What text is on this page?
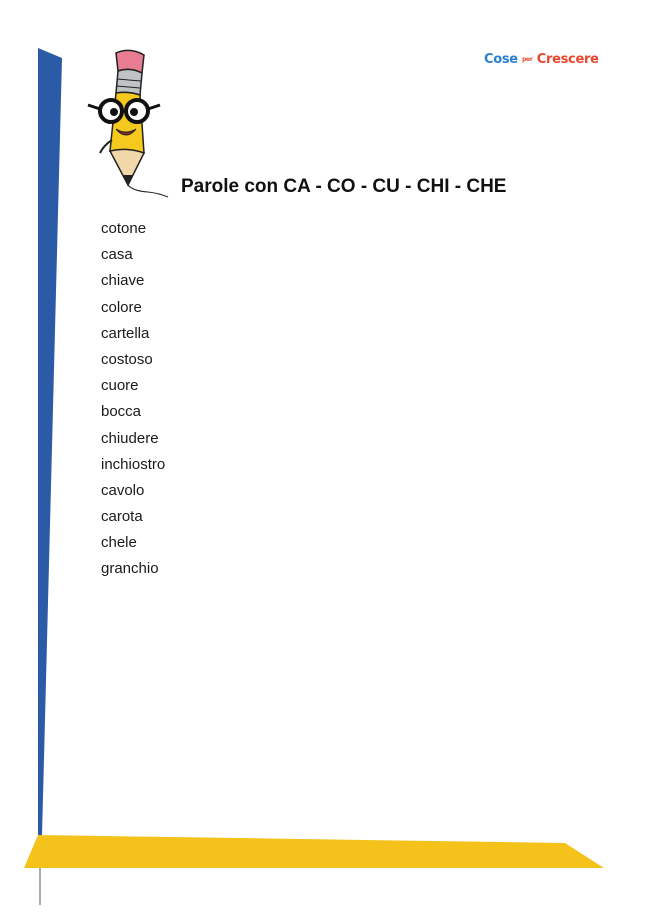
Cose per Crescere
Parole con CA - CO - CU - CHI - CHE
cotone
casa
chiave
colore
cartella
costoso
cuore
bocca
chiudere
inchiostro
cavolo
carota
chele
granchio
